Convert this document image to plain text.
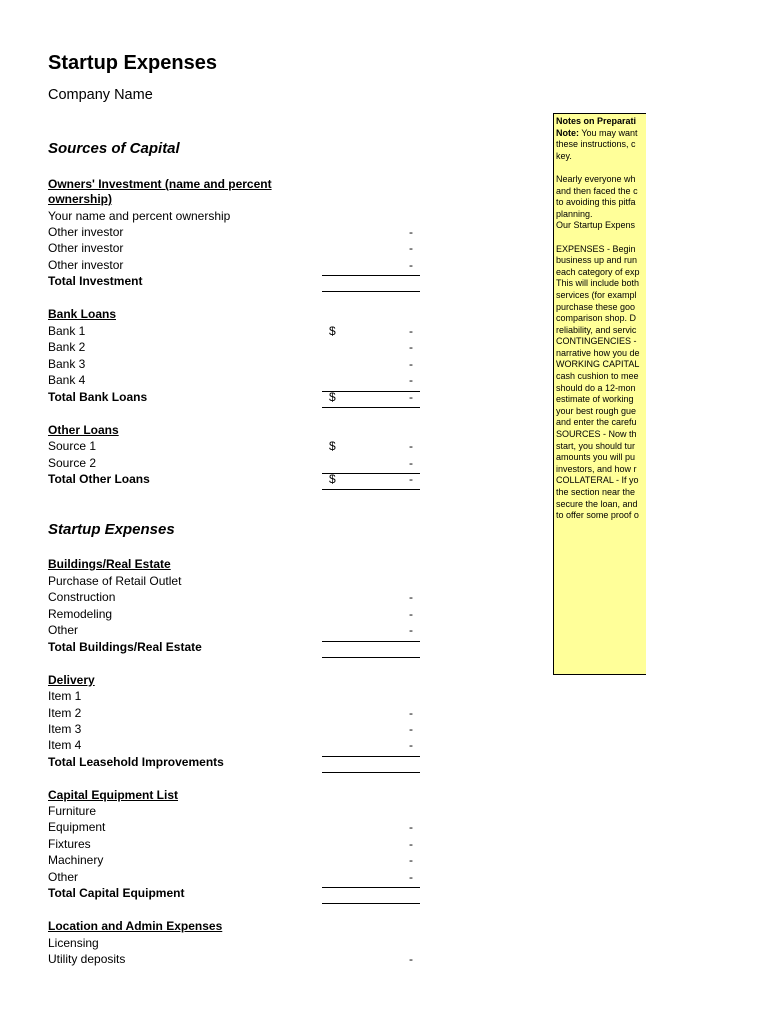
Startup Expenses
Company Name
Sources of Capital
Startup Expenses
Owners' Investment (name and percent ownership)
Your name and percent ownership
Other investor	-
Other investor	-
Other investor	-
Total Investment
Bank Loans
Bank 1	$	-
Bank 2	-
Bank 3	-
Bank 4	-
Total Bank Loans	$	-
Other Loans
Source 1	$	-
Source 2	-
Total Other Loans	$	-
Buildings/Real Estate
Purchase of Retail Outlet
Construction	-
Remodeling	-
Other	-
Total Buildings/Real Estate
Delivery
Item 1
Item 2	-
Item 3	-
Item 4	-
Total Leasehold Improvements
Capital Equipment List
Furniture
Equipment	-
Fixtures	-
Machinery	-
Other	-
Total Capital Equipment
Location and Admin Expenses
Licensing
Utility deposits	-

Notes on Preparati

Note: You may want

these instructions, c

key.

Nearly everyone wh

and then faced the c

to avoiding this pitfa

planning.

Our Startup Expens

EXPENSES - Begin

business up and run

each category of exp

This will include both

services (for exampl

purchase these goo

comparison shop. D

reliability, and servic

CONTINGENCIES -

narrative how you de

WORKING CAPITAL

cash cushion to mee

should do a 12-mon

estimate of working

your best rough gue

and enter the carefu

SOURCES - Now th

start, you should tur

amounts you will pu

investors, and how r

COLLATERAL - If yo

the section near the

secure the loan, and

to offer some proof o
